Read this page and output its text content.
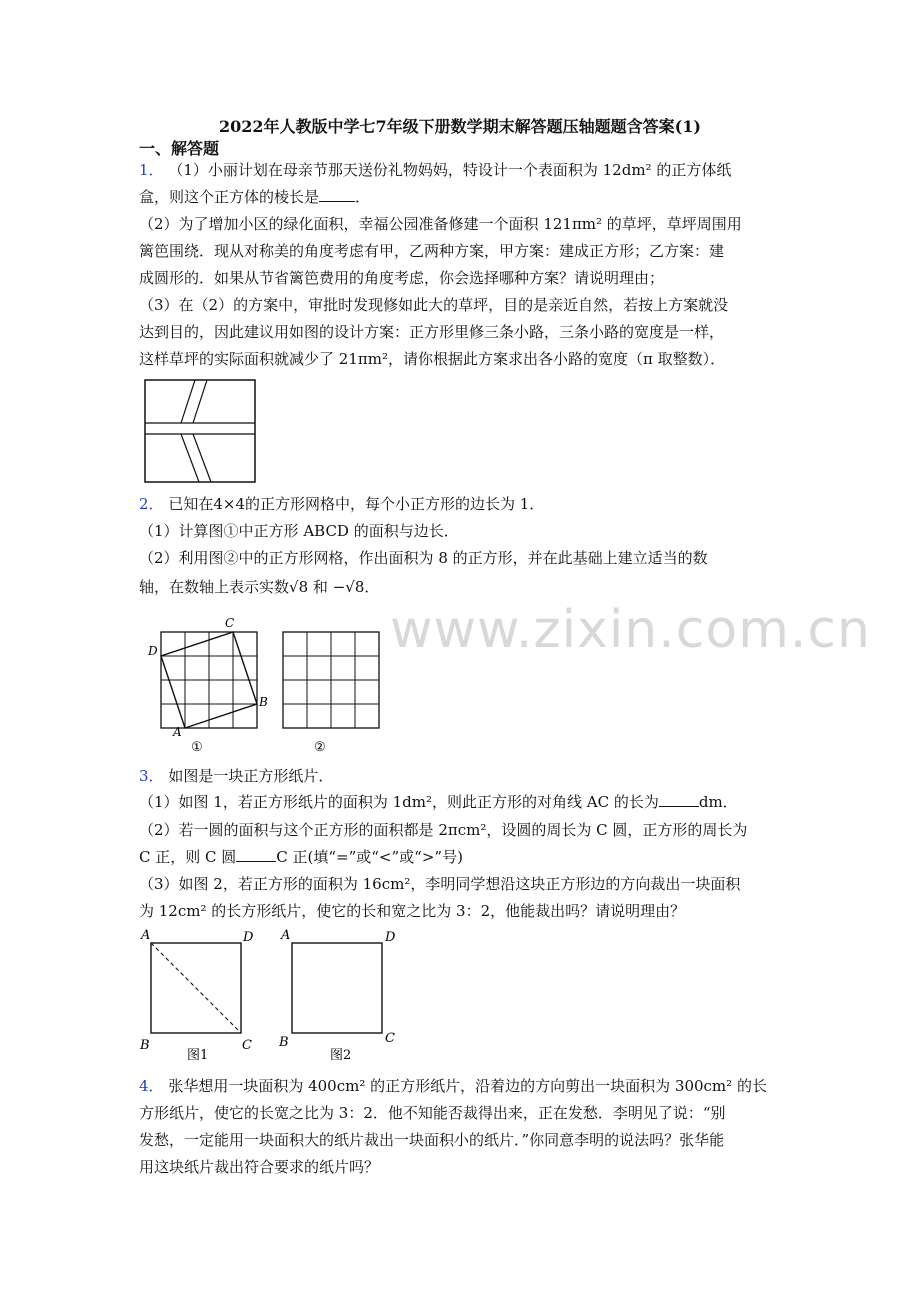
www.zixin.com.cn
2022年人教版中学七7年级下册数学期末解答题压轴题题含答案(1)
一、解答题
1． （1）小丽计划在母亲节那天送份礼物妈妈，特设计一个表面积为 12dm² 的正方体纸
盒，则这个正方体的棱长是 ．
（2）为了增加小区的绿化面积，幸福公园准备修建一个面积 121πm² 的草坪，草坪周围用
篱笆围绕．现从对称美的角度考虑有甲，乙两种方案，甲方案：建成正方形；乙方案：建
成圆形的．如果从节省篱笆费用的角度考虑，你会选择哪种方案？请说明理由；
（3）在（2）的方案中，审批时发现修如此大的草坪，目的是亲近自然，若按上方案就没
达到目的，因此建议用如图的设计方案：正方形里修三条小路，三条小路的宽度是一样，
这样草坪的实际面积就减少了 21πm²，请你根据此方案求出各小路的宽度（π 取整数）．
2． 已知在4×4的正方形网格中，每个小正方形的边长为 1．
（1）计算图①中正方形 ABCD 的面积与边长．
（2）利用图②中的正方形网格，作出面积为 8 的正方形，并在此基础上建立适当的数
轴，在数轴上表示实数√8 和 −√8．
A
B
C
D
①	②
3． 如图是一块正方形纸片．
（1）如图 1，若正方形纸片的面积为 1dm²，则此正方形的对角线 AC 的长为	dm．
（2）若一圆的面积与这个正方形的面积都是 2πcm²，设圆的周长为 C 圆，正方形的周长为
C 正，则 C 圆	C 正(填“=”或“<”或“>”号)
（3）如图 2，若正方形的面积为 16cm²，李明同学想沿这块正方形边的方向裁出一块面积
为 12cm² 的长方形纸片，使它的长和宽之比为 3：2，他能裁出吗？请说明理由？
A	D
B	C
A	D
B	C
图1	图2
4． 张华想用一块面积为 400cm² 的正方形纸片，沿着边的方向剪出一块面积为 300cm² 的长
方形纸片，使它的长宽之比为 3：2．他不知能否裁得出来，正在发愁．李明见了说：“别
发愁，一定能用一块面积大的纸片裁出一块面积小的纸片．”你同意李明的说法吗？张华能
用这块纸片裁出符合要求的纸片吗？
